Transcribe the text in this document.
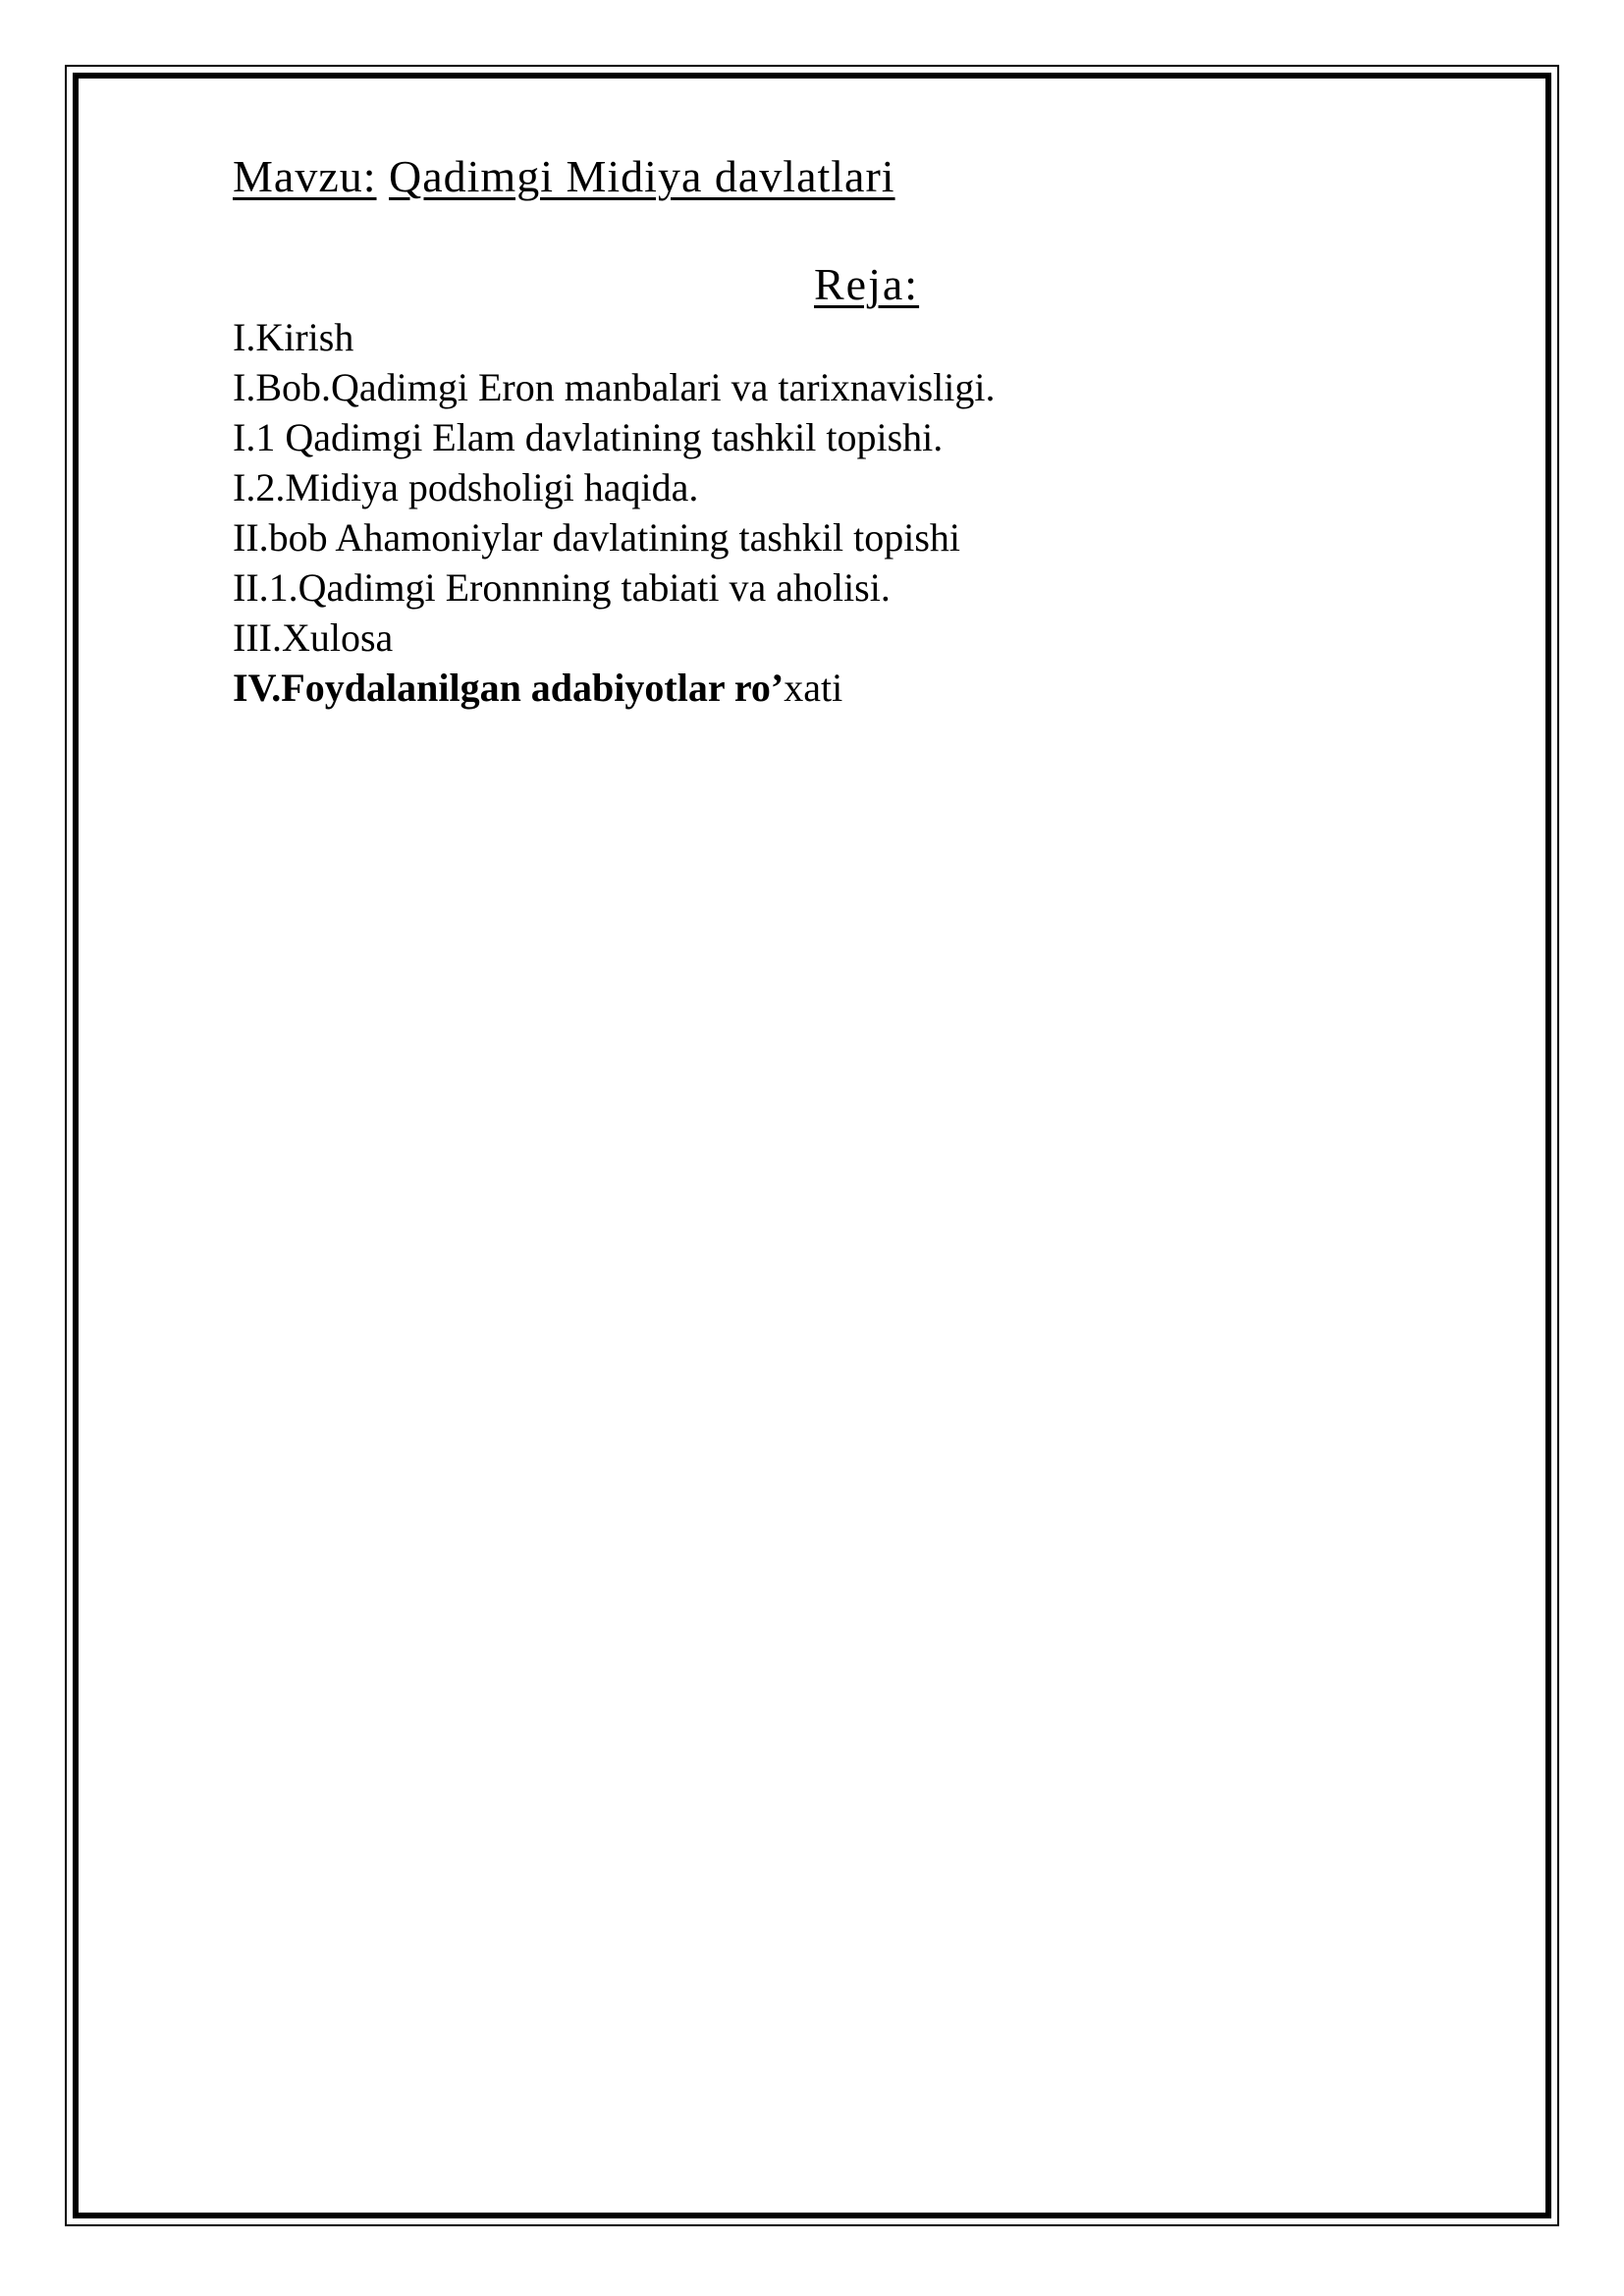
Mavzu: Qadimgi Midiya davlatlari
Reja:
I.Kirish
I.Bob.Qadimgi Eron manbalari va tarixnavisligi.
I.1 Qadimgi Elam davlatining tashkil topishi.
I.2.Midiya podsholigi haqida.
II.bob Ahamoniylar davlatining tashkil topishi
II.1.Qadimgi Eronnning tabiati va aholisi.
III.Xulosa
IV.Foydalanilgan adabiyotlar ro’xati
